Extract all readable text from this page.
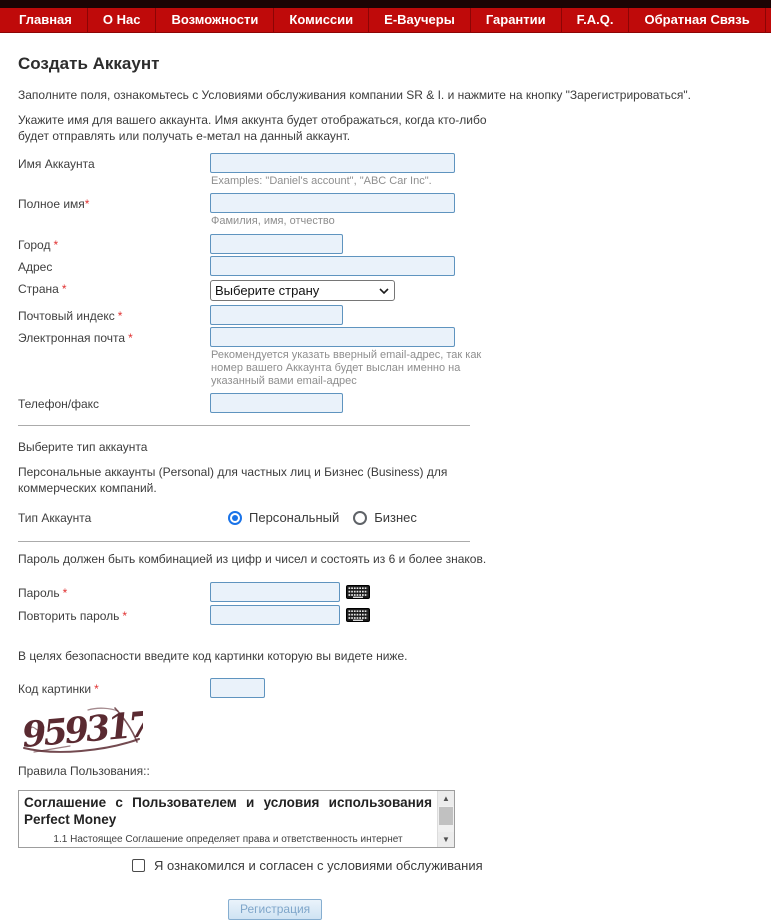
Главная	О Нас	Возможности	Комиссии	Е-Ваучеры	Гарантии	F.A.Q.	Обратная Связь
Создать Аккаунт

Заполните поля, ознакомьтесь с Условиями обслуживания компании SR & I. и нажмите на кнопку "Зарегистрироваться".

Укажите имя для вашего аккаунта. Имя аккунта будет отображаться, когда кто-либо будет отправлять или получать е-метал на данный аккаунт.

Имя Аккаунта
Examples: "Daniel's account", "ABC Car Inc".
Полное имя*
Фамилия, имя, отчество
Город *
Адрес
Страна *
Выберите страну
Почтовый индекс *
Электронная почта *
Рекомендуется указать вверный email-адрес, так как номер вашего Аккаунта будет выслан именно на указанный вами email-адрес
Телефон/факс

Выберите тип аккаунта

Персональные аккаунты (Personal) для частных лиц и Бизнес (Business) для коммерческих компаний.

Тип Аккаунта	Персональный	Бизнес

Пароль должен быть комбинацией из цифр и чисел и состоять из 6 и более знаков.

Пароль *
Повторить пароль *

В целях безопасности введите код картинки которую вы видете ниже.

Код картинки *
959317

Правила Пользования::

Соглашение с Пользователем и условия использования Perfect Money

1.1 Настоящее Соглашение определяет права и ответственность интернет

▲
▼
Я ознакомился и согласен с условиями обслуживания
Регистрация
